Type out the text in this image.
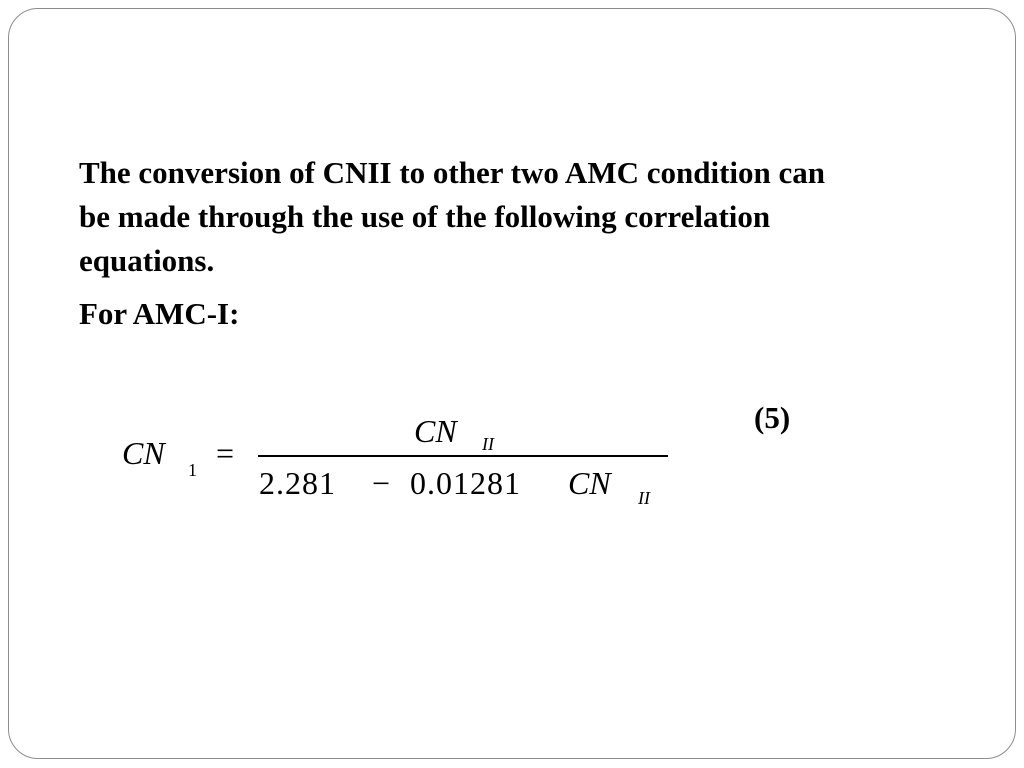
The conversion of CNII to other two AMC condition can be made through the use of the following correlation equations.

For AMC-I:
(5)
CN 1 =
CN II
2.281 − 0.01281 CN II
